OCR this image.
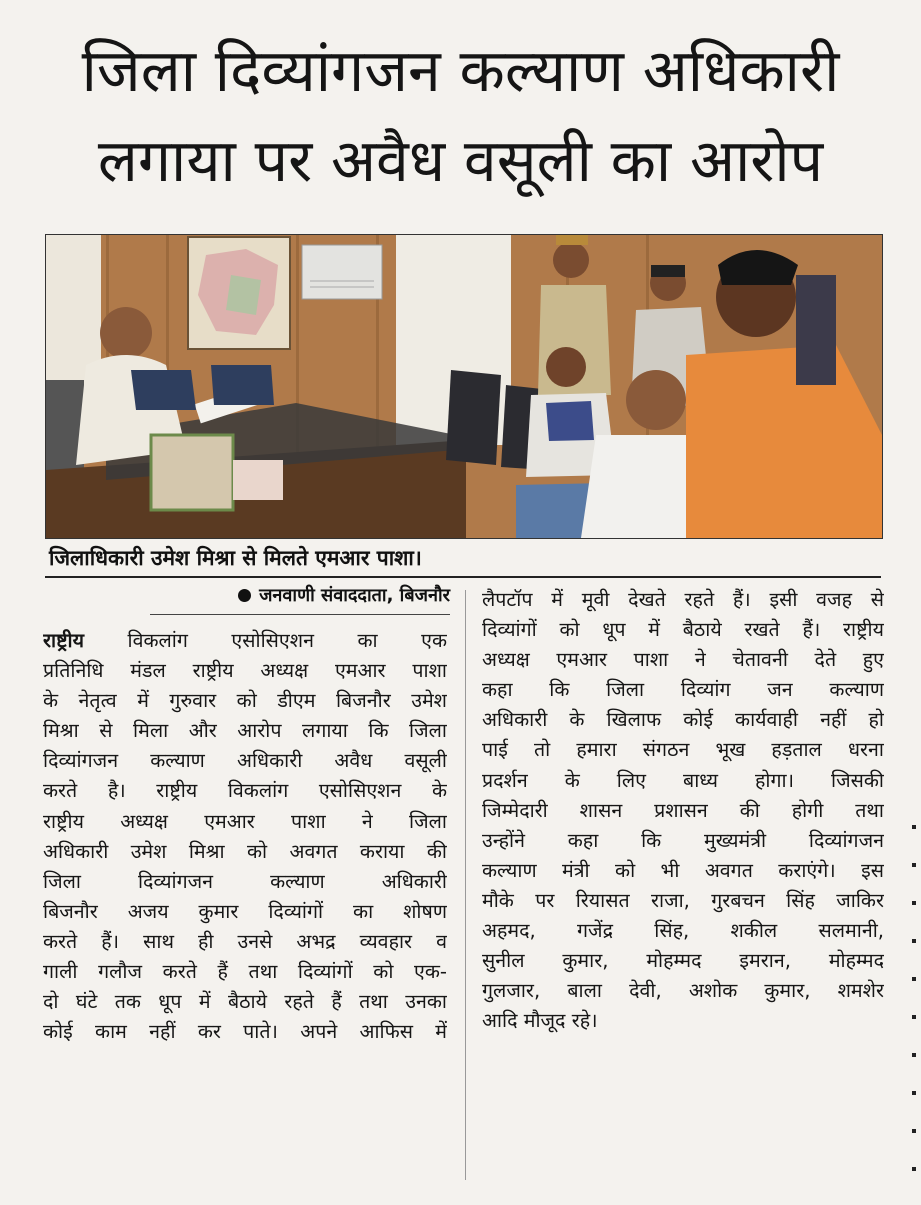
जिला दिव्यांगजन कल्याण अधिकारी
लगाया पर अवैध वसूली का आरोप
जिलाधिकारी उमेश मिश्रा से मिलते एमआर पाशा।
जनवाणी संवाददाता, बिजनौर
राष्ट्रीय विकलांग एसोसिएशन का एक
प्रतिनिधि मंडल राष्ट्रीय अध्यक्ष एमआर पाशा
के नेतृत्व में गुरुवार को डीएम बिजनौर उमेश
मिश्रा से मिला और आरोप लगाया कि जिला
दिव्यांगजन कल्याण अधिकारी अवैध वसूली
करते है। राष्ट्रीय विकलांग एसोसिएशन के
राष्ट्रीय अध्यक्ष एमआर पाशा ने जिला
अधिकारी उमेश मिश्रा को अवगत कराया की
जिला दिव्यांगजन कल्याण अधिकारी
बिजनौर अजय कुमार दिव्यांगों का शोषण
करते हैं। साथ ही उनसे अभद्र व्यवहार व
गाली गलौज करते हैं तथा दिव्यांगों को एक-
दो घंटे तक धूप में बैठाये रहते हैं तथा उनका
कोई काम नहीं कर पाते। अपने आफिस में
लैपटॉप में मूवी देखते रहते हैं। इसी वजह से
दिव्यांगों को धूप में बैठाये रखते हैं। राष्ट्रीय
अध्यक्ष एमआर पाशा ने चेतावनी देते हुए
कहा कि जिला दिव्यांग जन कल्याण
अधिकारी के खिलाफ कोई कार्यवाही नहीं हो
पाई तो हमारा संगठन भूख हड़ताल धरना
प्रदर्शन के लिए बाध्य होगा। जिसकी
जिम्मेदारी शासन प्रशासन की होगी तथा
उन्होंने कहा कि मुख्यमंत्री दिव्यांगजन
कल्याण मंत्री को भी अवगत कराएंगे। इस
मौके पर रियासत राजा, गुरबचन सिंह जाकिर
अहमद, गजेंद्र सिंह, शकील सलमानी,
सुनील कुमार, मोहम्मद इमरान, मोहम्मद
गुलजार, बाला देवी, अशोक कुमार, शमशेर
आदि मौजूद रहे।
